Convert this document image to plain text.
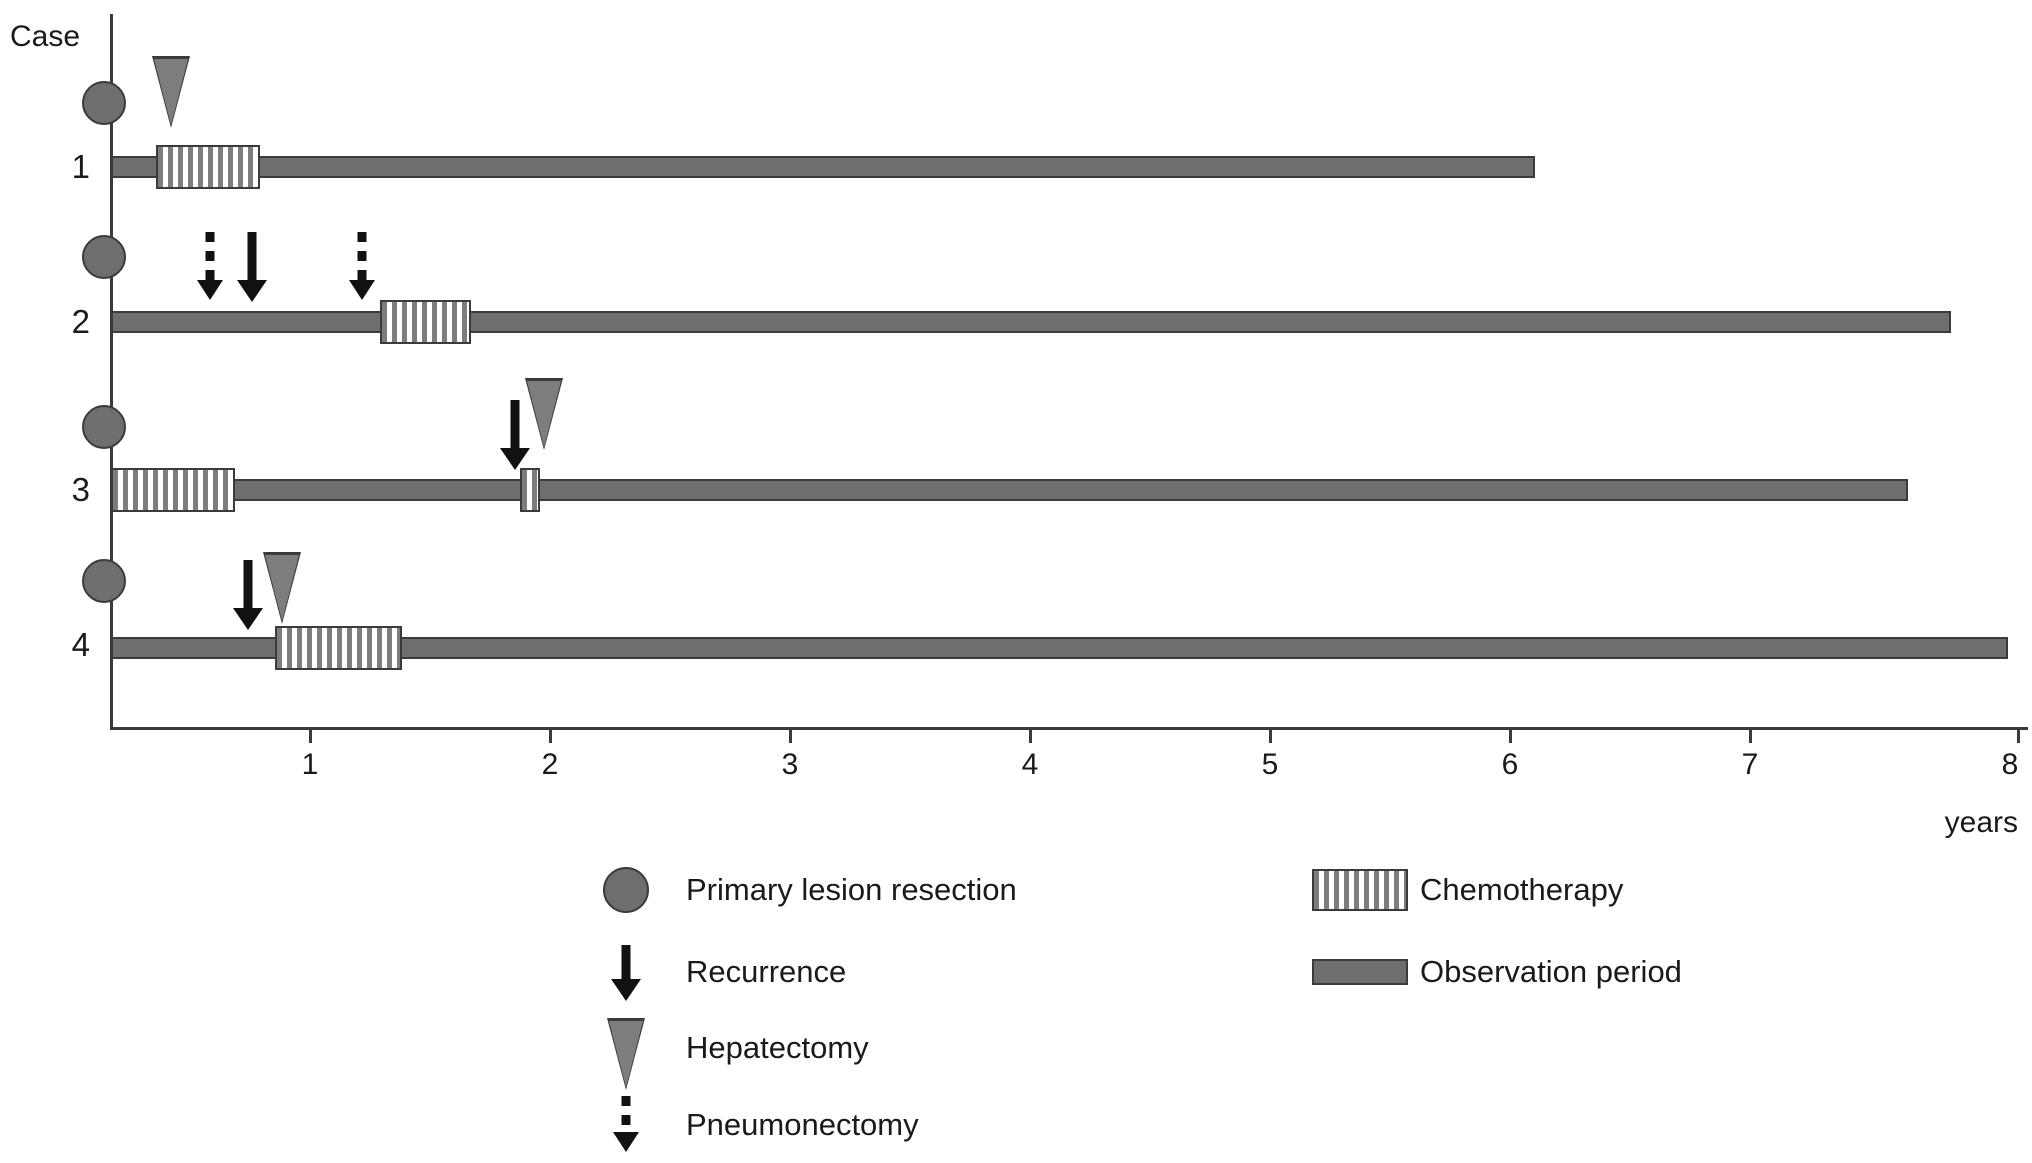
Case
1	2	3	4	5	6	7	8
years
1
2
3
4
Primary lesion resection
Recurrence
Hepatectomy
Pneumonectomy
Chemotherapy
Observation period
